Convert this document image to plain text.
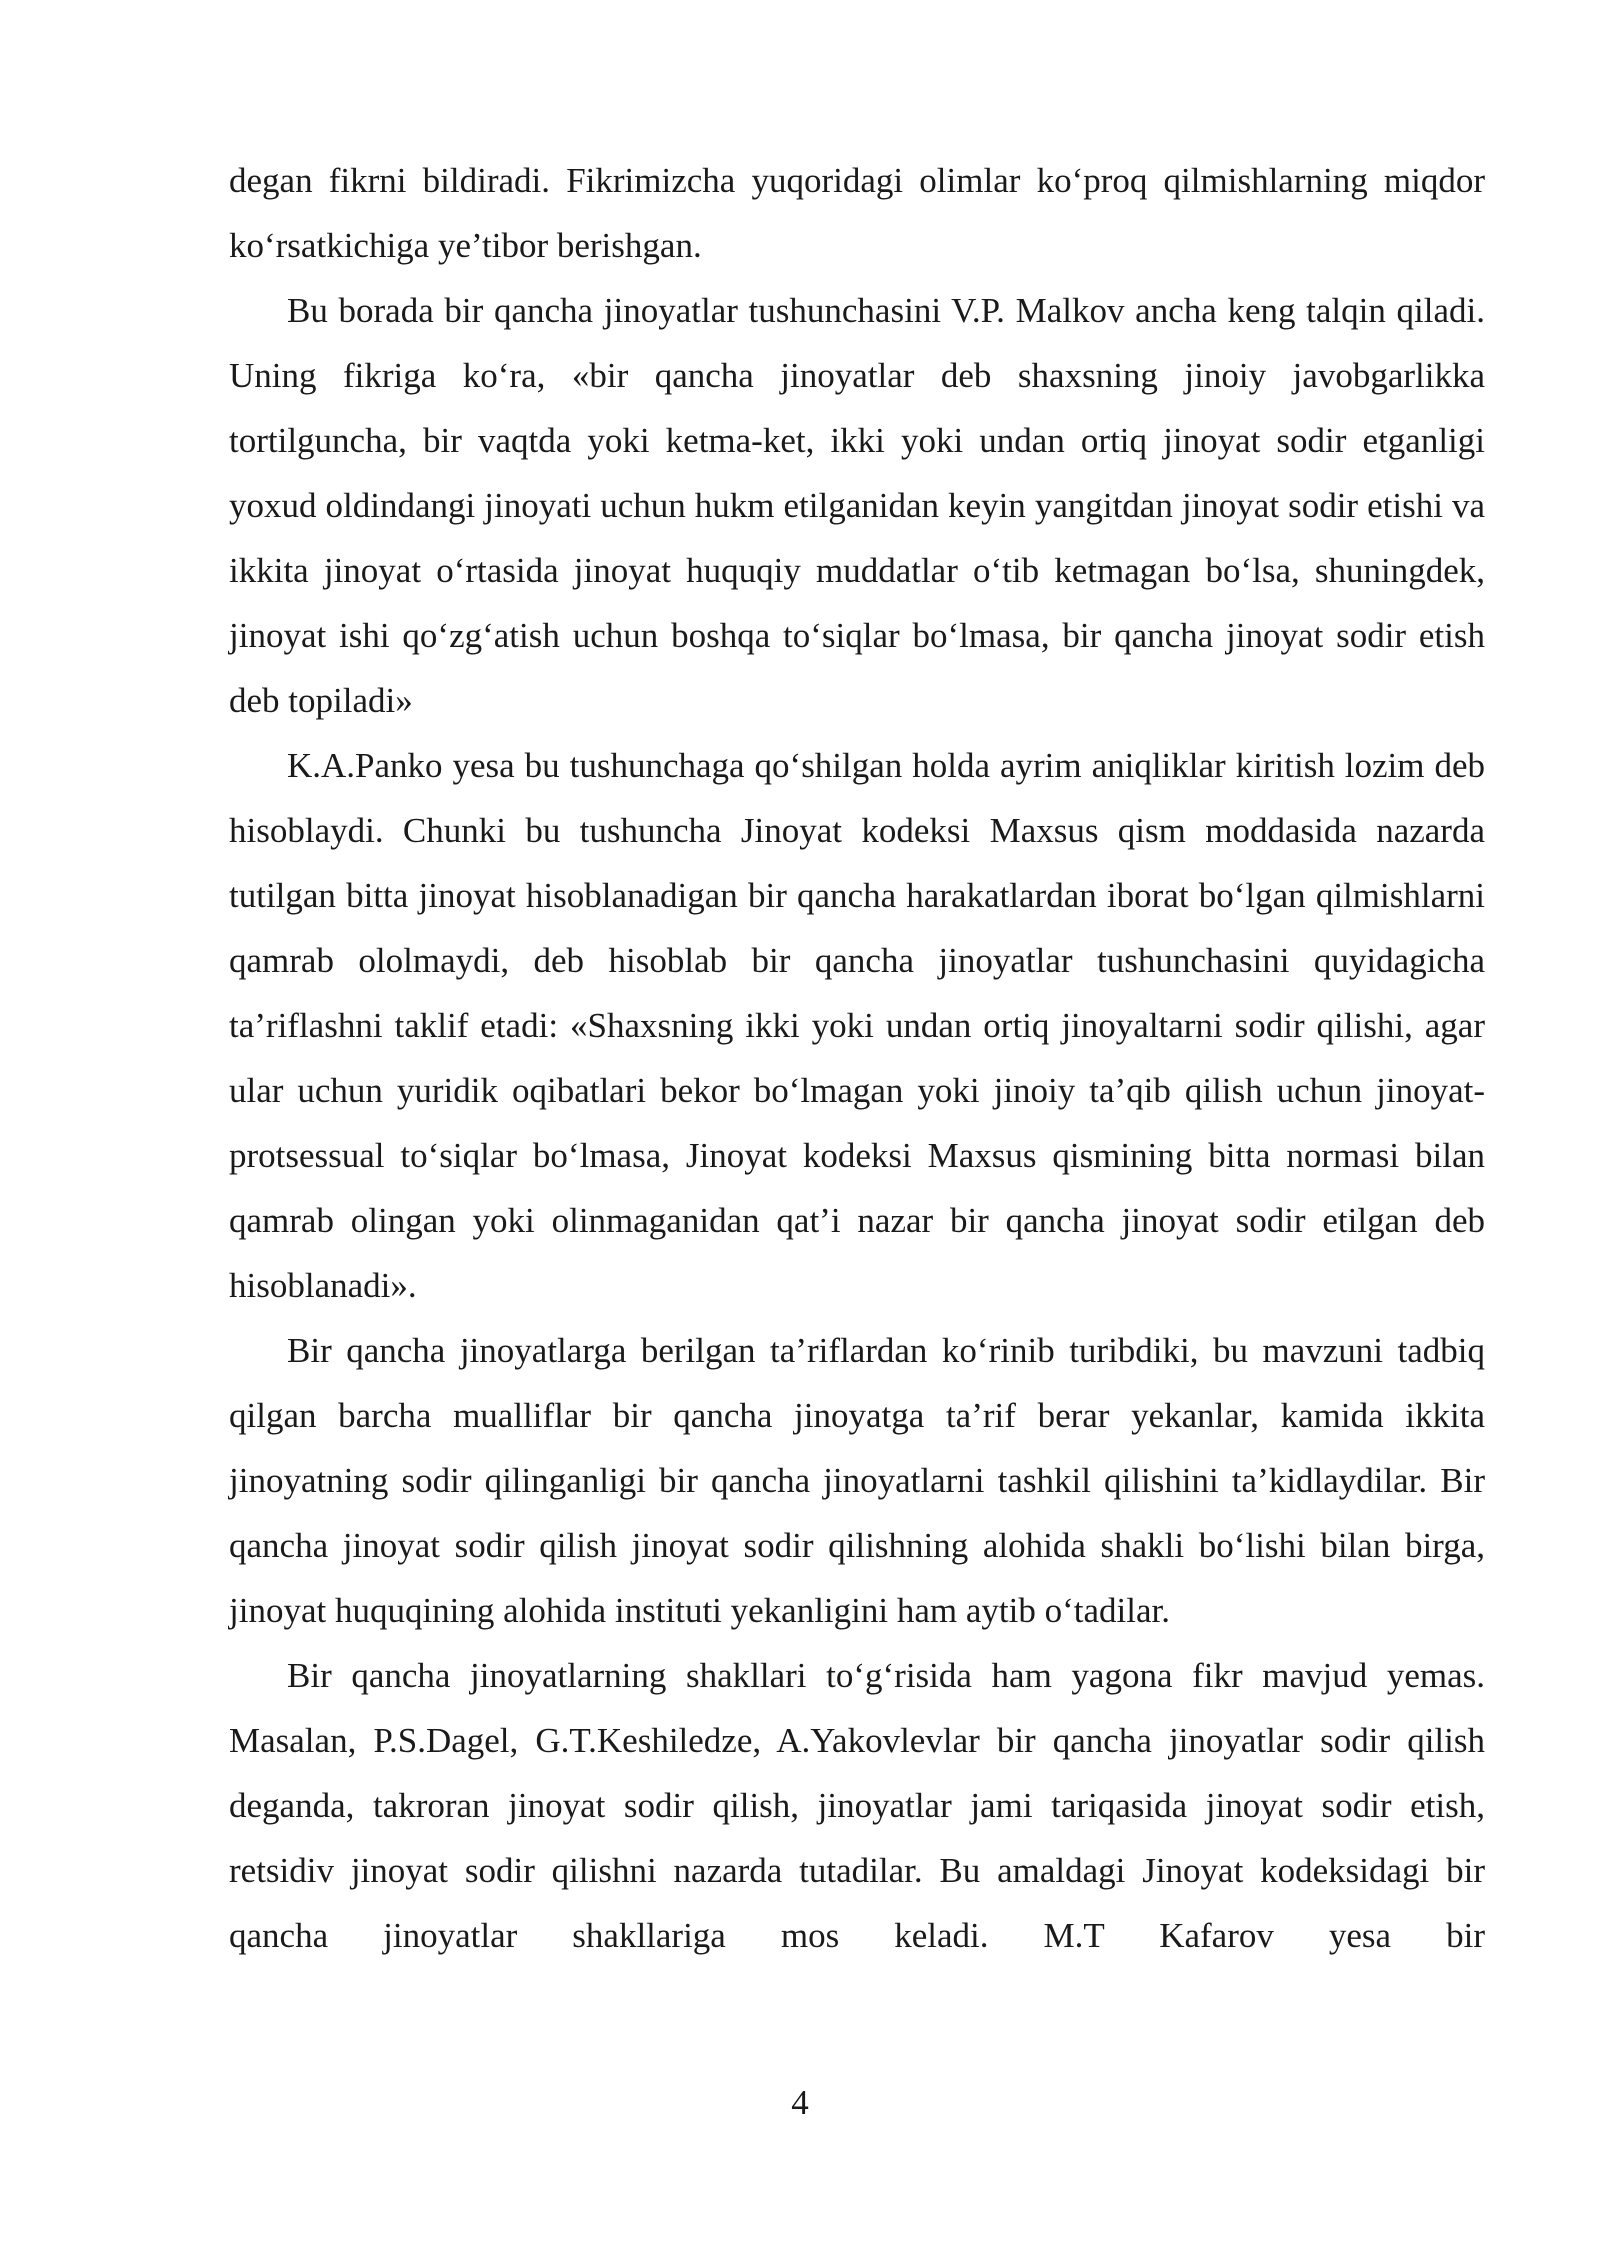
degan fikrni bildiradi. Fikrimizcha yuqoridagi olimlar ko‘proq qilmishlarning miqdor ko‘rsatkichiga ye’tibor berishgan.

Bu borada bir qancha jinoyatlar tushunchasini V.P. Malkov ancha keng talqin qiladi. Uning fikriga ko‘ra, «bir qancha jinoyatlar deb shaxsning jinoiy javobgarlikka tortilguncha, bir vaqtda yoki ketma-ket, ikki yoki undan ortiq jinoyat sodir etganligi yoxud oldindangi jinoyati uchun hukm etilganidan keyin yangitdan jinoyat sodir etishi va ikkita jinoyat o‘rtasida jinoyat huquqiy muddatlar o‘tib ketmagan bo‘lsa, shuningdek, jinoyat ishi qo‘zg‘atish uchun boshqa to‘siqlar bo‘lmasa, bir qancha jinoyat sodir etish deb topiladi»

K.A.Panko yesa bu tushunchaga qo‘shilgan holda ayrim aniqliklar kiritish lozim deb hisoblaydi. Chunki bu tushuncha Jinoyat kodeksi Maxsus qism moddasida nazarda tutilgan bitta jinoyat hisoblanadigan bir qancha harakatlardan iborat bo‘lgan qilmishlarni qamrab ololmaydi, deb hisoblab bir qancha jinoyatlar tushunchasini quyidagicha ta’riflashni taklif etadi: «Shaxsning ikki yoki undan ortiq jinoyaltarni sodir qilishi, agar ular uchun yuridik oqibatlari bekor bo‘lmagan yoki jinoiy ta’qib qilish uchun jinoyat-protsessual to‘siqlar bo‘lmasa, Jinoyat kodeksi Maxsus qismining bitta normasi bilan qamrab olingan yoki olinmaganidan qat’i nazar bir qancha jinoyat sodir etilgan deb hisoblanadi».

Bir qancha jinoyatlarga berilgan ta’riflardan ko‘rinib turibdiki, bu mavzuni tadbiq qilgan barcha mualliflar bir qancha jinoyatga ta’rif berar yekanlar, kamida ikkita jinoyatning sodir qilinganligi bir qancha jinoyatlarni tashkil qilishini ta’kidlaydilar. Bir qancha jinoyat sodir qilish jinoyat sodir qilishning alohida shakli bo‘lishi bilan birga, jinoyat huquqining alohida instituti yekanligini ham aytib o‘tadilar.

Bir qancha jinoyatlarning shakllari to‘g‘risida ham yagona fikr mavjud yemas. Masalan, P.S.Dagel, G.T.Keshiledze, A.Yakovlevlar bir qancha jinoyatlar sodir qilish deganda, takroran jinoyat sodir qilish, jinoyatlar jami tariqasida jinoyat sodir etish, retsidiv jinoyat sodir qilishni nazarda tutadilar. Bu amaldagi Jinoyat kodeksidagi bir qancha jinoyatlar shakllariga mos keladi. M.T Kafarov yesa bir

4
